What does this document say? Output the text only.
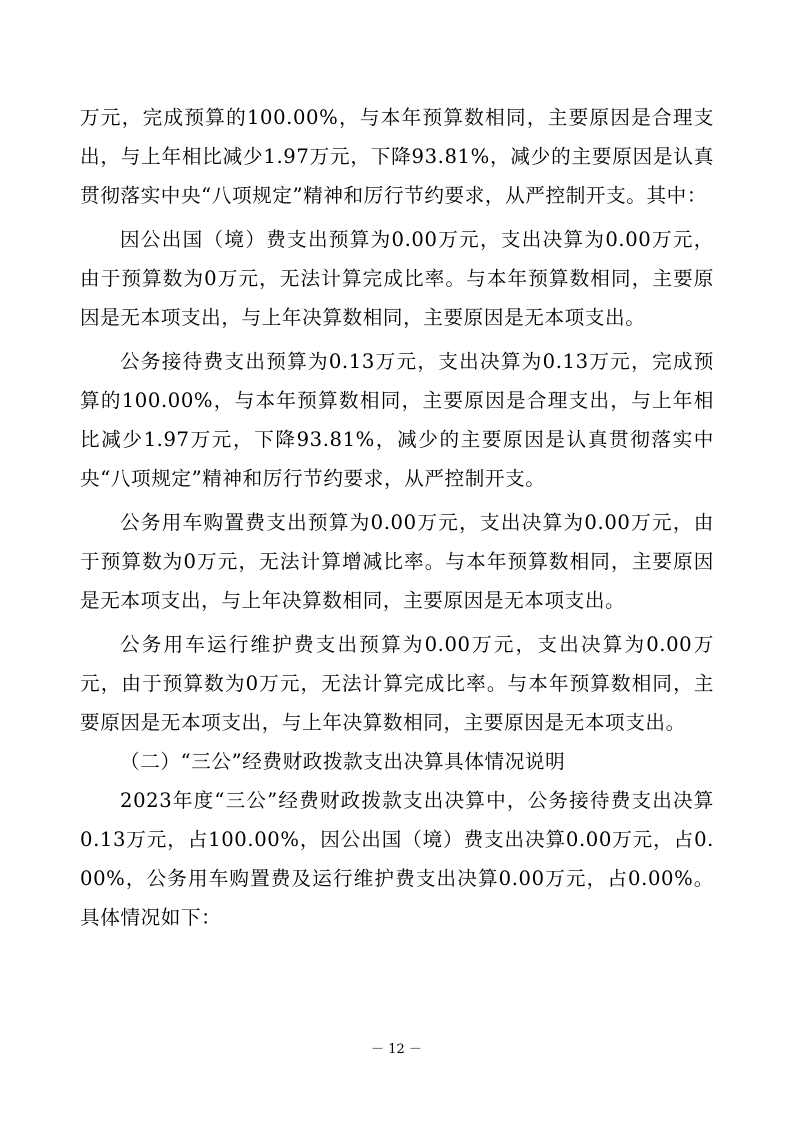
万元，完成预算的100.00%，与本年预算数相同，主要原因是合理支出，与上年相比减少1.97万元，下降93.81%，减少的主要原因是认真贯彻落实中央“八项规定”精神和厉行节约要求，从严控制开支。其中：

因公出国（境）费支出预算为0.00万元，支出决算为0.00万元，由于预算数为0万元，无法计算完成比率。与本年预算数相同，主要原因是无本项支出，与上年决算数相同，主要原因是无本项支出。

公务接待费支出预算为0.13万元，支出决算为0.13万元，完成预算的100.00%，与本年预算数相同，主要原因是合理支出，与上年相比减少1.97万元，下降93.81%，减少的主要原因是认真贯彻落实中央“八项规定”精神和厉行节约要求，从严控制开支。

公务用车购置费支出预算为0.00万元，支出决算为0.00万元，由于预算数为0万元，无法计算增减比率。与本年预算数相同，主要原因是无本项支出，与上年决算数相同，主要原因是无本项支出。

公务用车运行维护费支出预算为0.00万元，支出决算为0.00万元，由于预算数为0万元，无法计算完成比率。与本年预算数相同，主要原因是无本项支出，与上年决算数相同，主要原因是无本项支出。

（二）“三公”经费财政拨款支出决算具体情况说明

2023年度“三公”经费财政拨款支出决算中，公务接待费支出决算0.13万元，占100.00%，因公出国（境）费支出决算0.00万元，占0.00%，公务用车购置费及运行维护费支出决算0.00万元，占0.00%。具体情况如下：

－ 12 －
